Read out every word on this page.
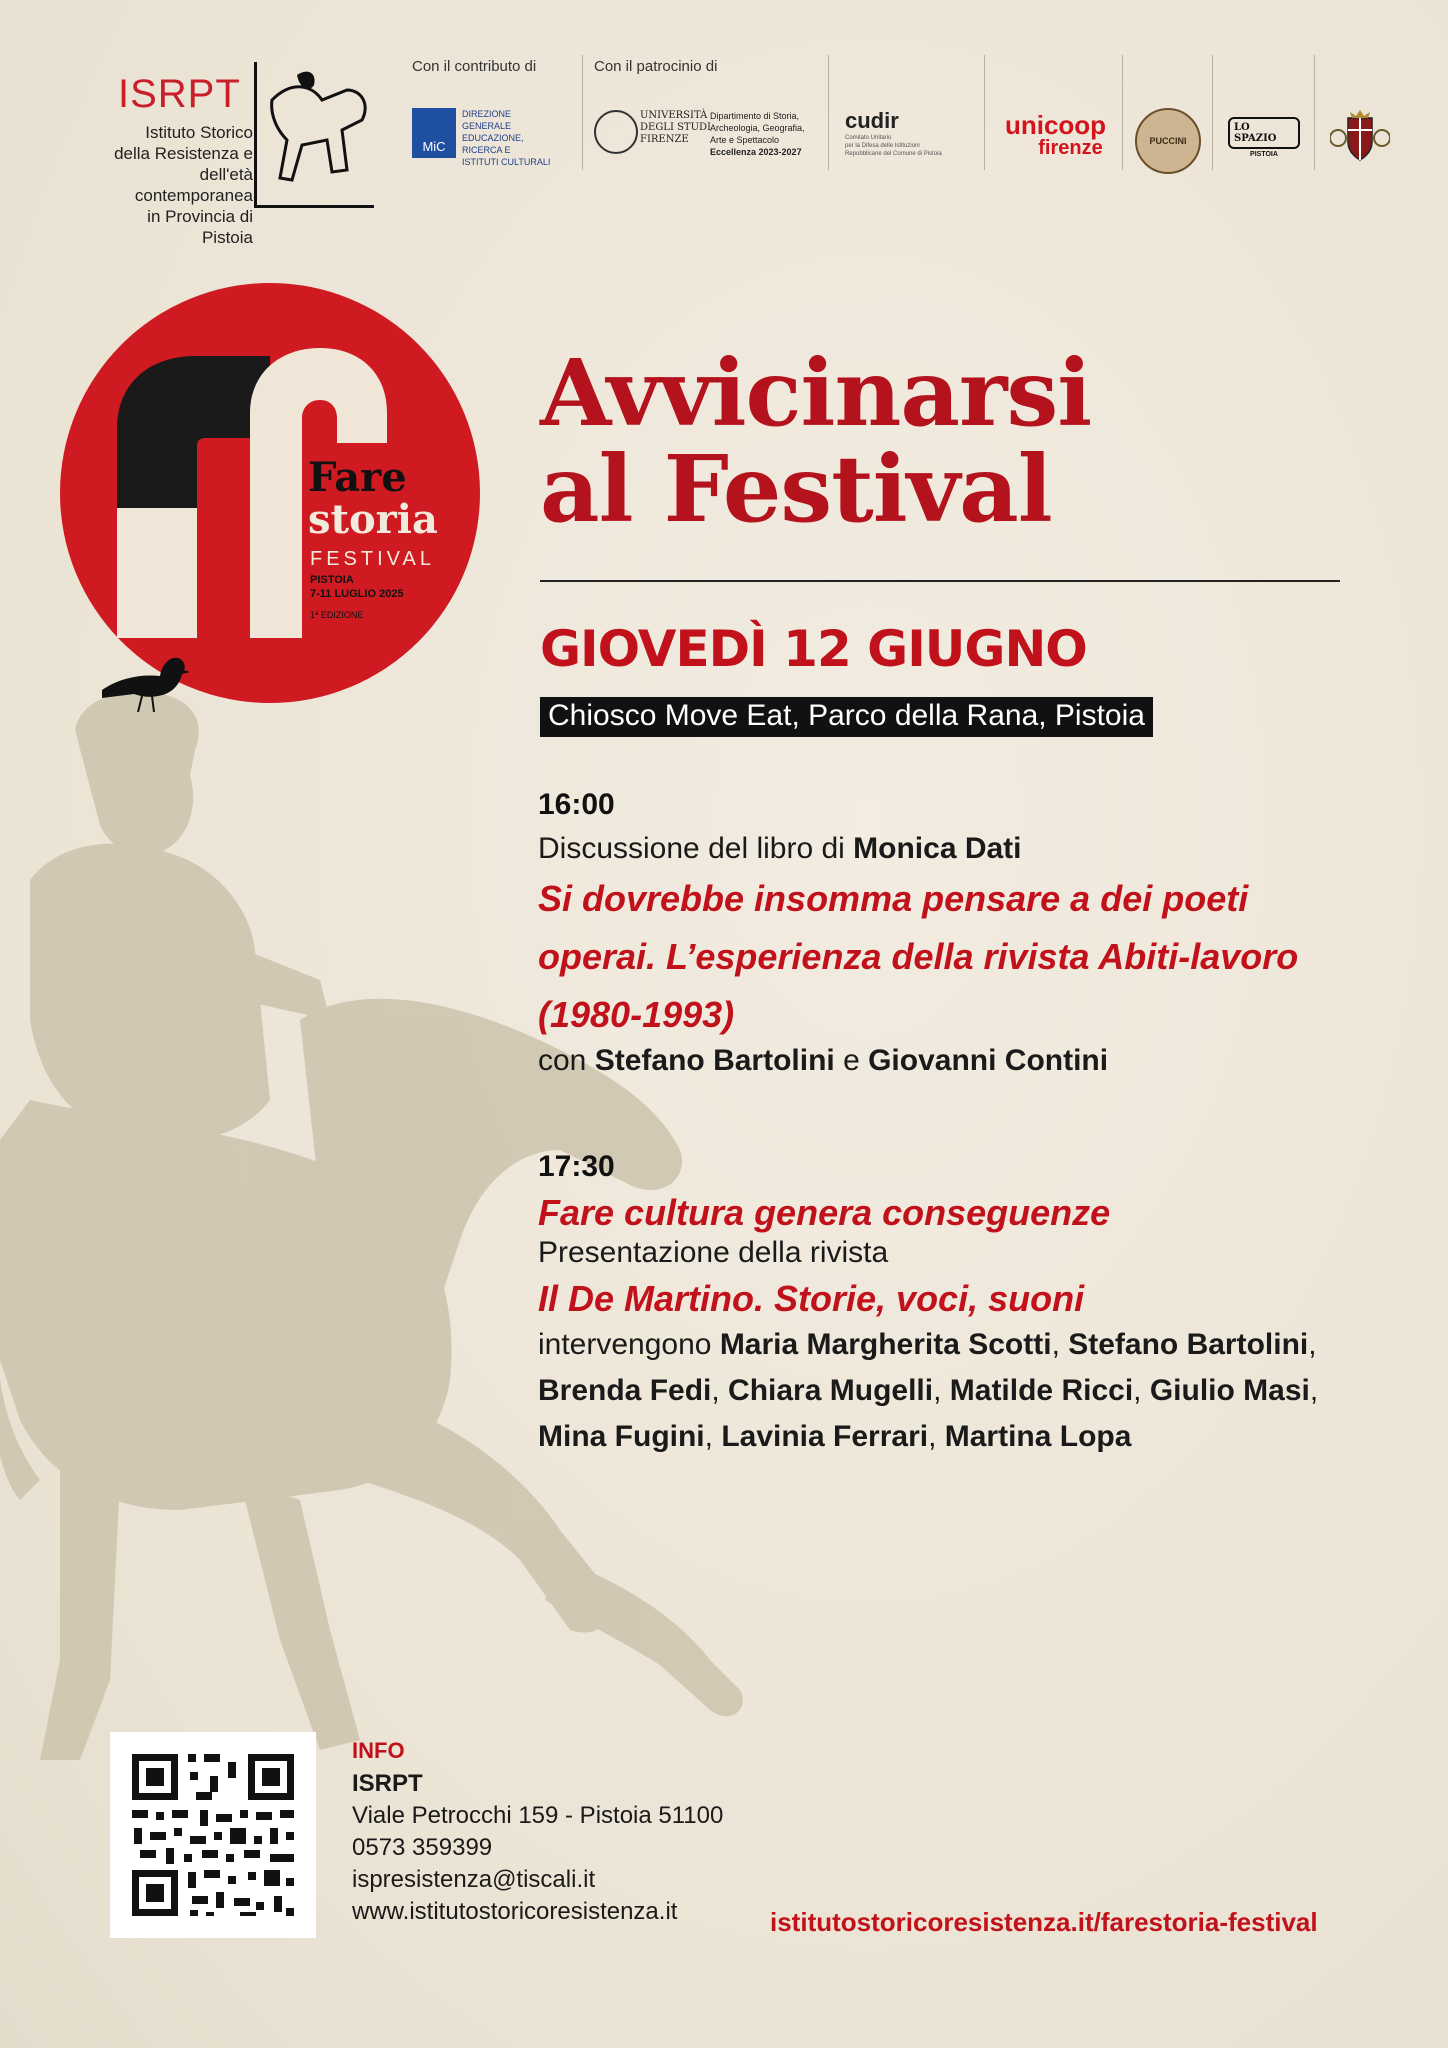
ISRPT
Istituto Storico
della Resistenza e
dell'età contemporanea
in Provincia di Pistoia
Con il contributo di	Con il patrocinio di
MiC
DIREZIONE GENERALE
EDUCAZIONE,
RICERCA E
ISTITUTI CULTURALI
UNIVERSITÀ
DEGLI STUDI
FIRENZE
Dipartimento di Storia,
Archeologia, Geografia,
Arte e Spettacolo
Eccellenza 2023-2027
cudir
Comitato Unitario
per la Difesa delle Istituzioni
Repubblicane del Comune di Pistoia
unicoop
firenze	PUCCINI
LO SPAZIO
PISTOIA
Fare
storia
FESTIVAL
PISTOIA
7-11 LUGLIO 2025
1ª EDIZIONE
Avvicinarsi
al Festival
GIOVEDÌ 12 GIUGNO
Chiosco Move Eat, Parco della Rana, Pistoia
16:00
Discussione del libro di Monica Dati
Si dovrebbe insomma pensare a dei poeti
operai. L’esperienza della rivista Abiti-lavoro
(1980-1993)
con Stefano Bartolini e Giovanni Contini
17:30
Fare cultura genera conseguenze
Presentazione della rivista
Il De Martino. Storie, voci, suoni
intervengono Maria Margherita Scotti, Stefano Bartolini,
Brenda Fedi, Chiara Mugelli, Matilde Ricci, Giulio Masi,
Mina Fugini, Lavinia Ferrari, Martina Lopa
INFO
ISRPT
Viale Petrocchi 159 - Pistoia 51100
0573 359399
ispresistenza@tiscali.it
www.istitutostoricoresistenza.it	istitutostoricoresistenza.it/farestoria-festival
